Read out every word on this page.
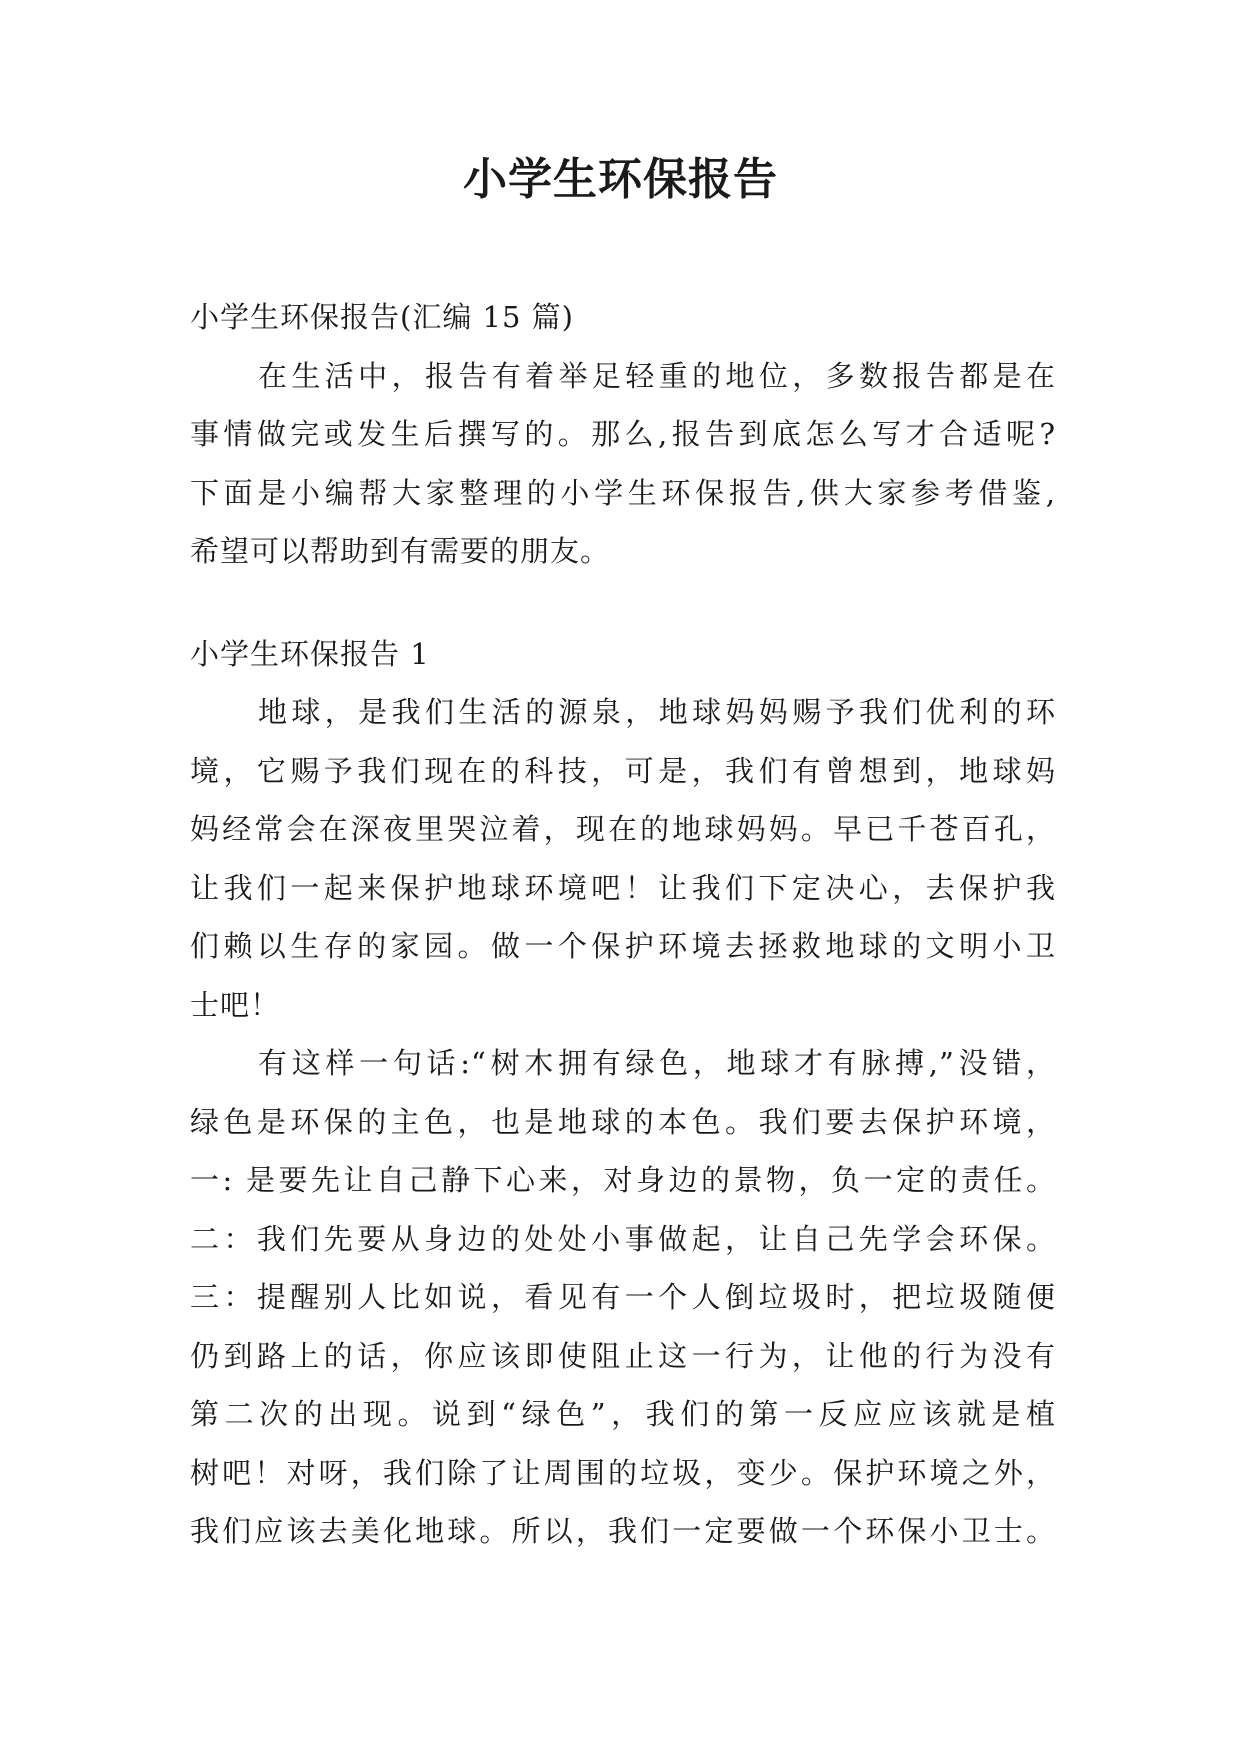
小学生环保报告
小学生环保报告(汇编 15 篇)
在生活中，报告有着举足轻重的地位，多数报告都是在
事情做完或发生后撰写的。那么,报告到底怎么写才合适呢?
下面是小编帮大家整理的小学生环保报告,供大家参考借鉴,
希望可以帮助到有需要的朋友。
小学生环保报告 1
地球，是我们生活的源泉，地球妈妈赐予我们优利的环
境，它赐予我们现在的科技，可是，我们有曾想到，地球妈
妈经常会在深夜里哭泣着，现在的地球妈妈。早已千苍百孔，
让我们一起来保护地球环境吧！让我们下定决心，去保护我
们赖以生存的家园。做一个保护环境去拯救地球的文明小卫
士吧！
有这样一句话:“树木拥有绿色，地球才有脉搏,”没错，
绿色是环保的主色，也是地球的本色。我们要去保护环境，
一: 是要先让自己静下心来，对身边的景物，负一定的责任。
二：我们先要从身边的处处小事做起，让自己先学会环保。
三：提醒别人比如说，看见有一个人倒垃圾时，把垃圾随便
仍到路上的话，你应该即使阻止这一行为，让他的行为没有
第二次的出现。说到“绿色”，我们的第一反应应该就是植
树吧！对呀，我们除了让周围的垃圾，变少。保护环境之外，
我们应该去美化地球。所以，我们一定要做一个环保小卫士。
